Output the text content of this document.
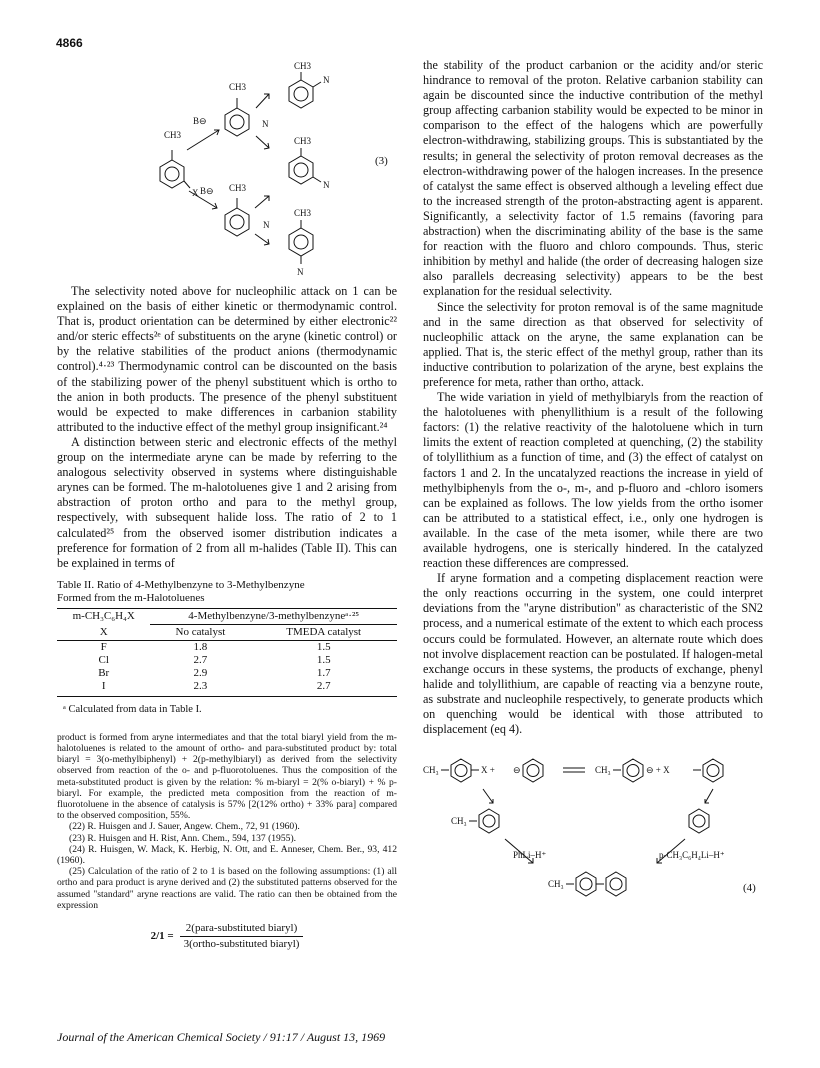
4866
CH3
X
CH3
B⊖
CH3
B⊖
N
CH3
N
CH3
N
N
CH3
N
(3)

The selectivity noted above for nucleophilic attack on 1 can be explained on the basis of either kinetic or thermodynamic control. That is, product orientation can be determined by either electronic²² and/or steric effects²ᵉ of substituents on the aryne (kinetic control) or by the relative stabilities of the product anions (thermodynamic control).⁴·²³ Thermodynamic control can be discounted on the basis of the stabilizing power of the phenyl substituent which is ortho to the anion in both products. The presence of the phenyl substituent would be expected to make differences in carbanion stability attributed to the inductive effect of the methyl group insignificant.²⁴

A distinction between steric and electronic effects of the methyl group on the intermediate aryne can be made by referring to the analogous selectivity observed in systems where distinguishable arynes can be formed. The m-halotoluenes give 1 and 2 arising from abstraction of proton ortho and para to the methyl group, respectively, with subsequent halide loss. The ratio of 2 to 1 calculated²⁵ from the observed isomer distribution indicates a preference for formation of 2 from all m-halides (Table II). This can be explained in terms of

Table II. Ratio of 4-Methylbenzyne to 3-Methylbenzyne

Formed from the m-Halotoluenes

m-CH₃C₆H₄X	4-Methylbenzyne/3-methylbenzyneᵃ·²⁵	
X	No catalyst	TMEDA catalyst
F	1.8	1.5
Cl	2.7	1.5
Br	2.9	1.7
I	2.3	2.7

ᵃ Calculated from data in Table I.

product is formed from aryne intermediates and that the total biaryl yield from the m-halotoluenes is related to the amount of ortho- and para-substituted product by: total biaryl = 3(o-methylbiphenyl) + 2(p-methylbiaryl) as derived from the selectivity observed from reaction of the o- and p-fluorotoluenes. Thus the composition of the meta-substituted product is given by the relation: % m-biaryl = 2(% o-biaryl) + % p-biaryl. For example, the predicted meta composition from the reaction of m-fluorotoluene in the absence of catalysis is 57% [2(12% ortho) + 33% para] compared to the observed composition, 55%.

(22) R. Huisgen and J. Sauer, Angew. Chem., 72, 91 (1960).

(23) R. Huisgen and H. Rist, Ann. Chem., 594, 137 (1955).

(24) R. Huisgen, W. Mack, K. Herbig, N. Ott, and E. Anneser, Chem. Ber., 93, 412 (1960).

(25) Calculation of the ratio of 2 to 1 is based on the following assumptions: (1) all ortho and para product is aryne derived and (2) the substituted patterns observed for the assumed "standard" aryne reactions are valid. The ratio can then be obtained from the expression

$2/1 = \frac{\text{2(para-substituted biaryl)}}{\text{3(ortho-substituted biaryl)}}$

the stability of the product carbanion or the acidity and/or steric hindrance to removal of the proton. Relative carbanion stability can again be discounted since the inductive contribution of the methyl group affecting carbanion stability would be expected to be minor in comparison to the effect of the halogens which are powerfully electron-withdrawing, stabilizing groups. This is substantiated by the results; in general the selectivity of proton removal decreases as the electron-withdrawing power of the halogen increases. In the presence of catalyst the same effect is observed although a leveling effect due to the increased strength of the proton-abstracting agent is apparent. Significantly, a selectivity factor of 1.5 remains (favoring para abstraction) when the discriminating ability of the base is the same for reaction with the fluoro and chloro compounds. Thus, steric inhibition by methyl and halide (the order of decreasing halogen size also parallels decreasing selectivity) appears to be the best explanation for the residual selectivity.

Since the selectivity for proton removal is of the same magnitude and in the same direction as that observed for selectivity of nucleophilic attack on the aryne, the same explanation can be applied. That is, the steric effect of the methyl group, rather than its inductive contribution to polarization of the aryne, best explains the preference for meta, rather than ortho, attack.

The wide variation in yield of methylbiaryls from the reaction of the halotoluenes with phenyllithium is a result of the following factors: (1) the relative reactivity of the halotoluene which in turn limits the extent of reaction completed at quenching, (2) the stability of tolyllithium as a function of time, and (3) the effect of catalyst on factors 1 and 2. In the uncatalyzed reactions the increase in yield of methylbiphenyls from the o-, m-, and p-fluoro and -chloro isomers can be explained as follows. The low yields from the ortho isomer can be attributed to a statistical effect, i.e., only one hydrogen is available. In the case of the meta isomer, while there are two available hydrogens, one is sterically hindered. In the catalyzed reaction these differences are compressed.

If aryne formation and a competing displacement reaction were the only reactions occurring in the system, one could interpret deviations from the "aryne distribution" as characteristic of the SN2 process, and a numerical estimate of the extent to which each process occurs could be formulated. However, an alternate route which does not involve displacement reaction can be postulated. If halogen-metal exchange occurs in these systems, the products of exchange, phenyl halide and tolyllithium, are capable of reacting via a benzyne route, as substrate and nucleophile respectively, to generate products which on quenching would be identical with those attributed to displacement (eq 4).

CH₃	X + ⊖	CH₃	⊖ + X
CH₃
PhLi–H⁺	p-CH₃C₆H₄Li–H⁺
CH₃	(4)
Journal of the American Chemical Society / 91:17 / August 13, 1969
